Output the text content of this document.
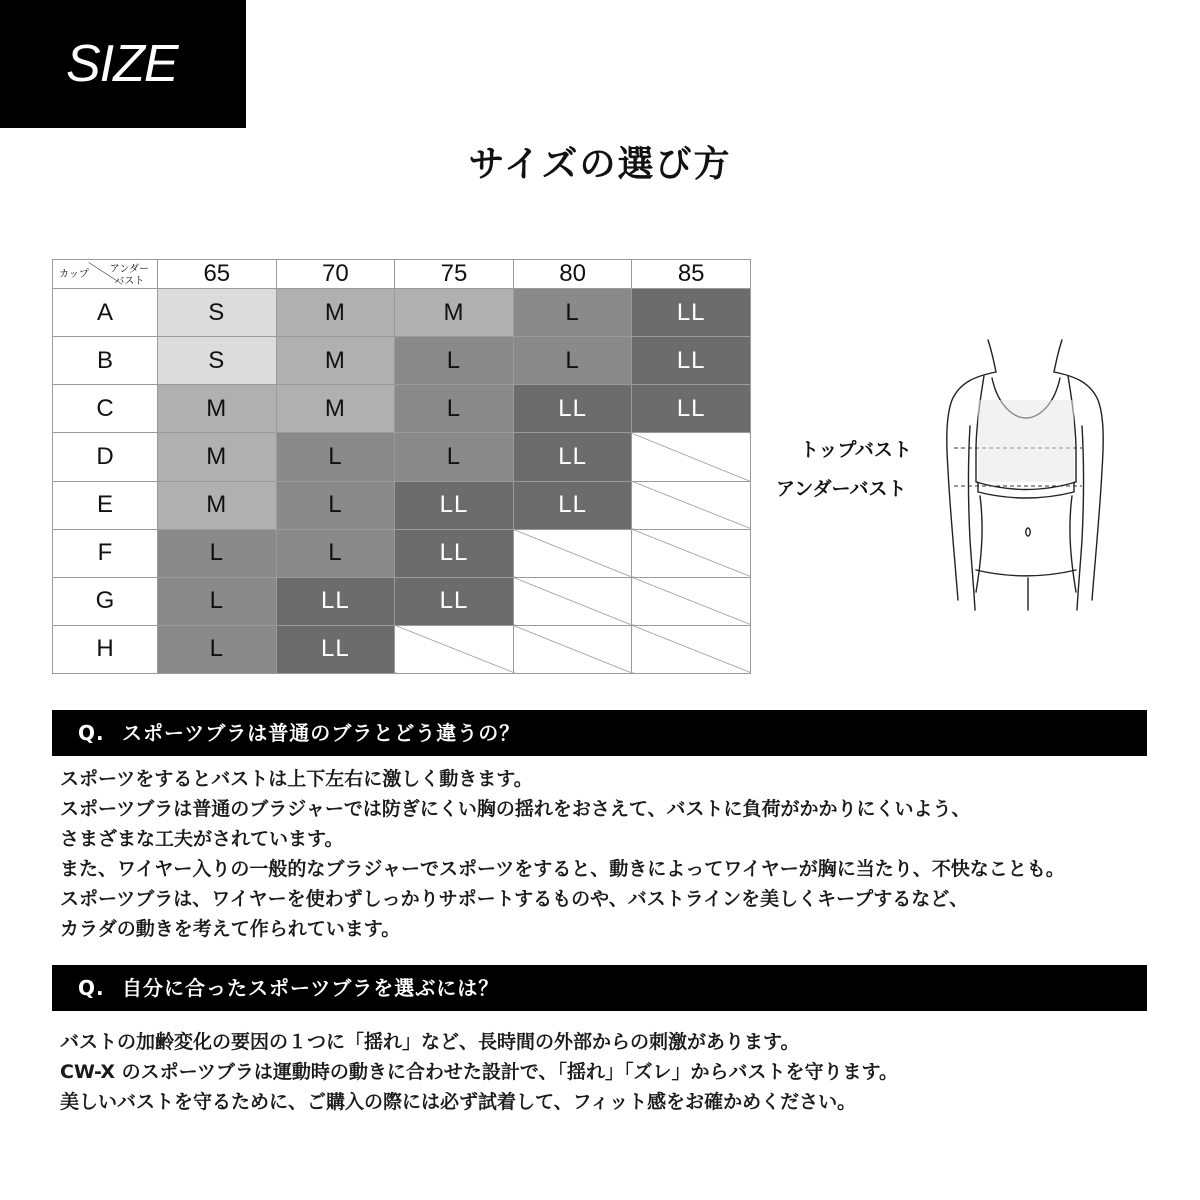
SIZE
サイズの選び方
アンダー
バスト
カップ	65	70	75	80	85
A	S	M	M	L	LL
B	S	M	L	L	LL
C	M	M	L	LL	LL
D	M	L	L	LL	
E	M	L	LL	LL	
F	L	L	LL		
G	L	LL	LL		
H	L	LL			
トップバスト
アンダーバスト
Q. スポーツブラは普通のブラとどう違うの？

スポーツをするとバストは上下左右に激しく動きます。

スポーツブラは普通のブラジャーでは防ぎにくい胸の揺れをおさえて、バストに負荷がかかりにくいよう、

さまざまな工夫がされています。

また、ワイヤー入りの一般的なブラジャーでスポーツをすると、動きによってワイヤーが胸に当たり、不快なことも。

スポーツブラは、ワイヤーを使わずしっかりサポートするものや、バストラインを美しくキープするなど、

カラダの動きを考えて作られています。

Q. 自分に合ったスポーツブラを選ぶには？

バストの加齢変化の要因の１つに「揺れ」など、長時間の外部からの刺激があります。

CW-X のスポーツブラは運動時の動きに合わせた設計で、「揺れ」「ズレ」からバストを守ります。

美しいバストを守るために、ご購入の際には必ず試着して、フィット感をお確かめください。
